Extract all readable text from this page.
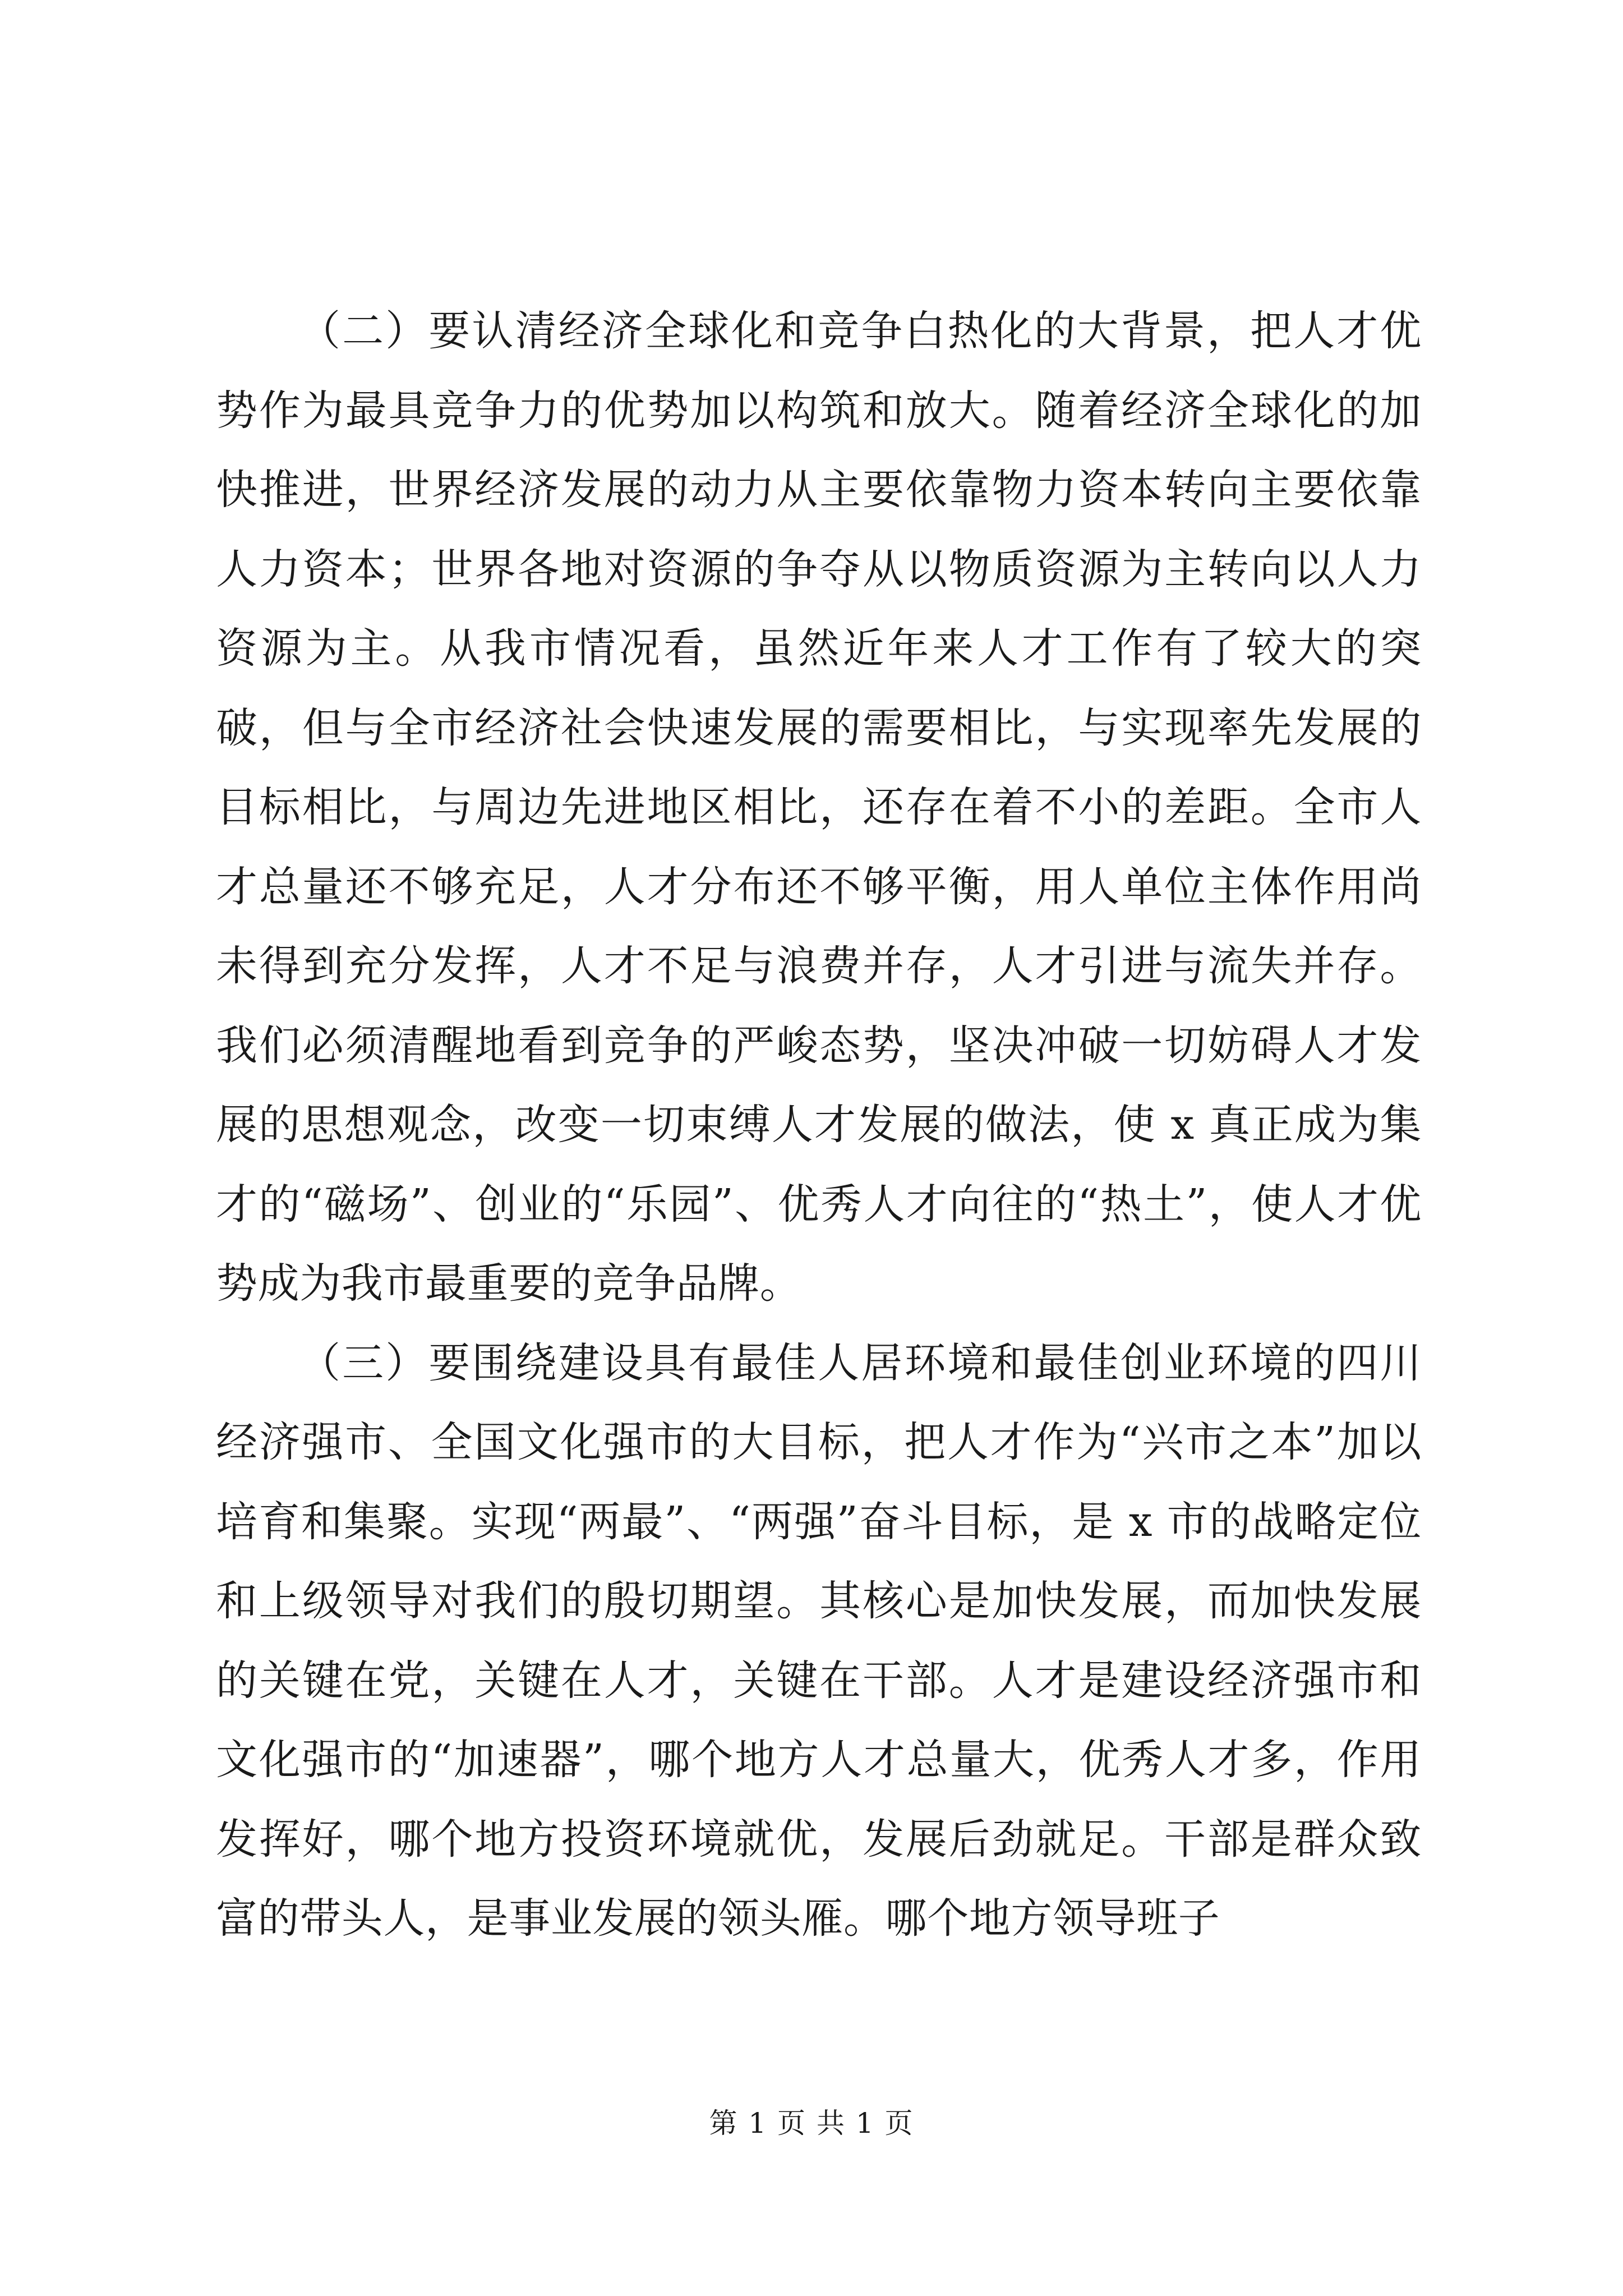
（二）要认清经济全球化和竞争白热化的大背景，把人才优势作为最具竞争力的优势加以构筑和放大。随着经济全球化的加快推进，世界经济发展的动力从主要依靠物力资本转向主要依靠人力资本；世界各地对资源的争夺从以物质资源为主转向以人力资源为主。从我市情况看，虽然近年来人才工作有了较大的突破，但与全市经济社会快速发展的需要相比，与实现率先发展的目标相比，与周边先进地区相比，还存在着不小的差距。全市人才总量还不够充足，人才分布还不够平衡，用人单位主体作用尚未得到充分发挥，人才不足与浪费并存，人才引进与流失并存。我们必须清醒地看到竞争的严峻态势，坚决冲破一切妨碍人才发展的思想观念，改变一切束缚人才发展的做法，使 x 真正成为集才的“磁场”、创业的“乐园”、优秀人才向往的“热土”，使人才优势成为我市最重要的竞争品牌。

（三）要围绕建设具有最佳人居环境和最佳创业环境的四川经济强市、全国文化强市的大目标，把人才作为“兴市之本”加以培育和集聚。实现“两最”、“两强”奋斗目标，是 x 市的战略定位和上级领导对我们的殷切期望。其核心是加快发展，而加快发展的关键在党，关键在人才，关键在干部。人才是建设经济强市和文化强市的“加速器”，哪个地方人才总量大，优秀人才多，作用发挥好，哪个地方投资环境就优，发展后劲就足。干部是群众致富的带头人，是事业发展的领头雁。哪个地方领导班子

第 1 页 共 1 页
